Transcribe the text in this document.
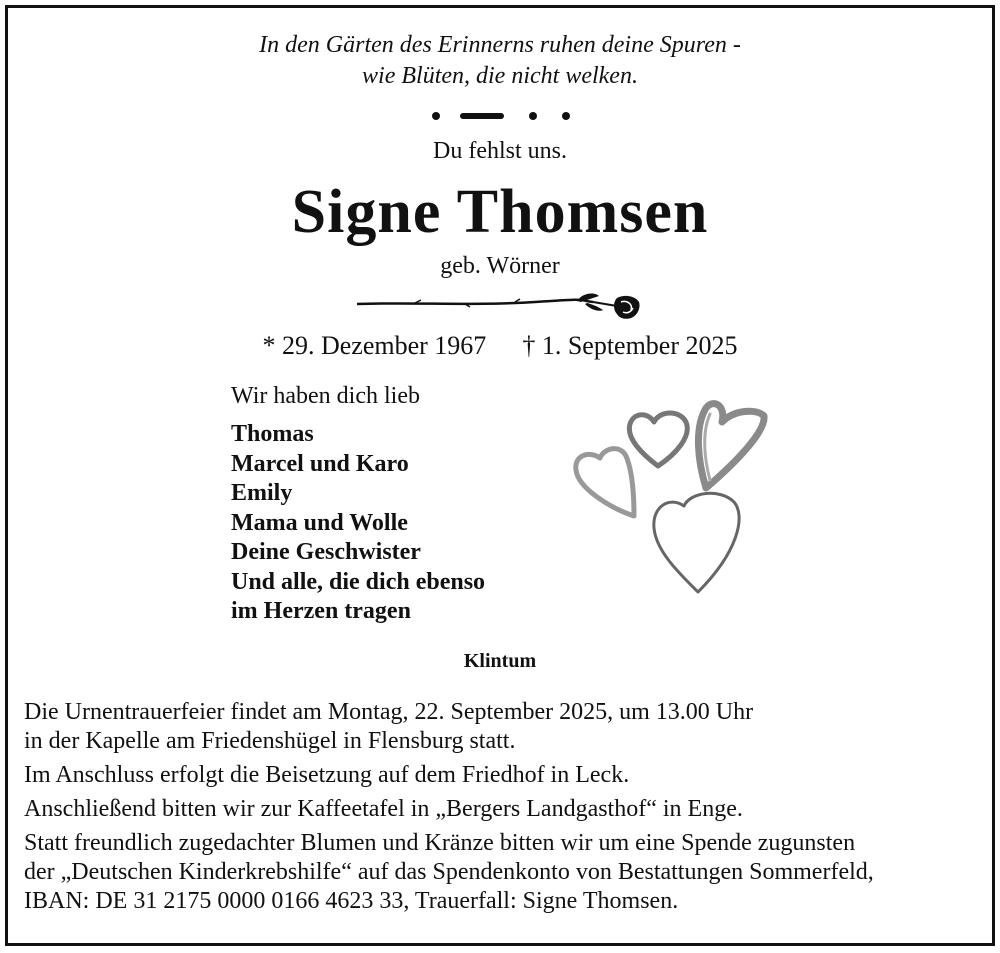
In den Gärten des Erinnerns ruhen deine Spuren -
wie Blüten, die nicht welken.
Du fehlst uns.
Signe Thomsen
geb. Wörner
* 29. Dezember 1967 † 1. September 2025
Wir haben dich lieb
Thomas
Marcel und Karo
Emily
Mama und Wolle
Deine Geschwister
Und alle, die dich ebenso
im Herzen tragen
Klintum

Die Urnentrauerfeier findet am Montag, 22. September 2025, um 13.00 Uhr
in der Kapelle am Friedenshügel in Flensburg statt.

Im Anschluss erfolgt die Beisetzung auf dem Friedhof in Leck.

Anschließend bitten wir zur Kaffeetafel in „Bergers Landgasthof“ in Enge.

Statt freundlich zugedachter Blumen und Kränze bitten wir um eine Spende zugunsten
der „Deutschen Kinderkrebshilfe“ auf das Spendenkonto von Bestattungen Sommerfeld,
IBAN: DE 31 2175 0000 0166 4623 33, Trauerfall: Signe Thomsen.
